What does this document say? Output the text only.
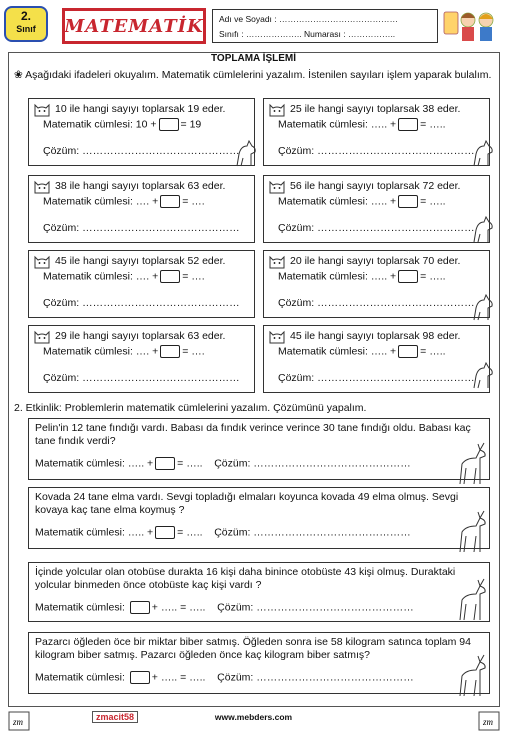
2.
Sınıf	MATEMATİK Adı ve Soyadı : ……………………………………
Sınıfı : ……………….. Numarası : ……………..
TOPLAMA İŞLEMİ
❀ Aşağıdaki ifadeleri okuyalım. Matematik cümlelerini yazalım. İstenilen sayıları işlem yaparak bulalım.
10 ile hangi sayıyı toplarsak 19 eder.
Matematik cümlesi: 10 + = 19
Çözüm: ………………………………………
25 ile hangi sayıyı toplarsak 38 eder.
Matematik cümlesi: ….. + = …..
Çözüm: ………………………………………
38 ile hangi sayıyı toplarsak 63 eder.
Matematik cümlesi: …. + = ….
Çözüm: ………………………………………
56 ile hangi sayıyı toplarsak 72 eder.
Matematik cümlesi: ….. + = …..
Çözüm: ………………………………………
45 ile hangi sayıyı toplarsak 52 eder.
Matematik cümlesi: …. + = ….
Çözüm: ………………………………………
20 ile hangi sayıyı toplarsak 70 eder.
Matematik cümlesi: ….. + = …..
Çözüm: ………………………………………
29 ile hangi sayıyı toplarsak 63 eder.
Matematik cümlesi: …. + = ….
Çözüm: ………………………………………
45 ile hangi sayıyı toplarsak 98 eder.
Matematik cümlesi: ….. + = …..
Çözüm: ………………………………………
2. Etkinlik: Problemlerin matematik cümlelerini yazalım. Çözümünü yapalım.
Pelin'in 12 tane fındığı vardı. Babası da fındık verince verince 30 tane fındığı oldu. Babası kaç tane fındık verdi?
Matematik cümlesi: ….. + = ….. Çözüm: ………………………………………
Kovada 24 tane elma vardı. Sevgi topladığı elmaları koyunca kovada 49 elma olmuş. Sevgi kovaya kaç tane elma koymuş ?
Matematik cümlesi: ….. + = ….. Çözüm: ………………………………………
İçinde yolcular olan otobüse durakta 16 kişi daha binince otobüste 43 kişi olmuş. Duraktaki yolcular binmeden önce otobüste kaç kişi vardı ?
Matematik cümlesi:	+ ….. = ….. Çözüm: ………………………………………
Pazarcı öğleden öce bir miktar biber satmış. Öğleden sonra ise 58 kilogram satınca toplam 94 kilogram biber satmış. Pazarcı öğleden önce kaç kilogram biber satmış?
Matematik cümlesi:	+ ….. = ….. Çözüm: ………………………………………
zm	zm
zmacit58	www.mebders.com
